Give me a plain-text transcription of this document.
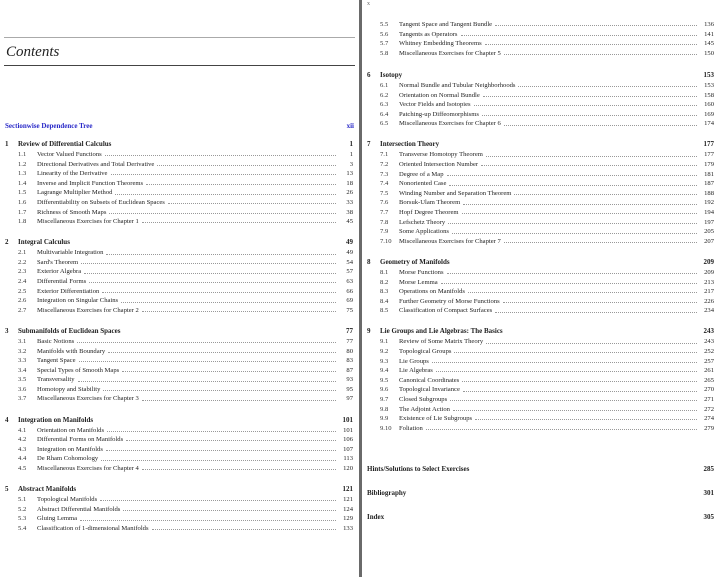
Contents
Sectionwise Dependence Tree	xii
1	Review of Differential Calculus	1
1.1	Vector Valued Functions	1
1.2	Directional Derivatives and Total Derivative	3
1.3	Linearity of the Derivative	13
1.4	Inverse and Implicit Function Theorems	18
1.5	Lagrange Multiplier Method	26
1.6	Differentiability on Subsets of Euclidean Spaces	33
1.7	Richness of Smooth Maps	38
1.8	Miscellaneous Exercises for Chapter 1	45
2	Integral Calculus	49
2.1	Multivariable Integration	49
2.2	Sard's Theorem	54
2.3	Exterior Algebra	57
2.4	Differential Forms	63
2.5	Exterior Differentiation	66
2.6	Integration on Singular Chains	69
2.7	Miscellaneous Exercises for Chapter 2	75
3	Submanifolds of Euclidean Spaces	77
3.1	Basic Notions	77
3.2	Manifolds with Boundary	80
3.3	Tangent Space	83
3.4	Special Types of Smooth Maps	87
3.5	Transversality	93
3.6	Homotopy and Stability	95
3.7	Miscellaneous Exercises for Chapter 3	97
4	Integration on Manifolds	101
4.1	Orientation on Manifolds	101
4.2	Differential Forms on Manifolds	106
4.3	Integration on Manifolds	107
4.4	De Rham Cohomology	113
4.5	Miscellaneous Exercises for Chapter 4	120
5	Abstract Manifolds	121
5.1	Topological Manifolds	121
5.2	Abstract Differential Manifolds	124
5.3	Gluing Lemma	129
5.4	Classification of 1-dimensional Manifolds	133
x
5.5	Tangent Space and Tangent Bundle	136
5.6	Tangents as Operators	141
5.7	Whitney Embedding Theorems	145
5.8	Miscellaneous Exercises for Chapter 5	150
6	Isotopy	153
6.1	Normal Bundle and Tubular Neighborhoods	153
6.2	Orientation on Normal Bundle	158
6.3	Vector Fields and Isotopies	160
6.4	Patching-up Diffeomorphisms	169
6.5	Miscellaneous Exercises for Chapter 6	174
7	Intersection Theory	177
7.1	Transverse Homotopy Theorem	177
7.2	Oriented Intersection Number	179
7.3	Degree of a Map	181
7.4	Nonoriented Case	187
7.5	Winding Number and Separation Theorem	188
7.6	Borsuk-Ulam Theorem	192
7.7	Hopf Degree Theorem	194
7.8	Lefschetz Theory	197
7.9	Some Applications	205
7.10	Miscellaneous Exercises for Chapter 7	207
8	Geometry of Manifolds	209
8.1	Morse Functions	209
8.2	Morse Lemma	213
8.3	Operations on Manifolds	217
8.4	Further Geometry of Morse Functions	226
8.5	Classification of Compact Surfaces	234
9	Lie Groups and Lie Algebras: The Basics	243
9.1	Review of Some Matrix Theory	243
9.2	Topological Groups	252
9.3	Lie Groups	257
9.4	Lie Algebras	261
9.5	Canonical Coordinates	265
9.6	Topological Invariance	270
9.7	Closed Subgroups	271
9.8	The Adjoint Action	272
9.9	Existence of Lie Subgroups	274
9.10	Foliation	279
Hints/Solutions to Select Exercises	285
Bibliography	301
Index	305
